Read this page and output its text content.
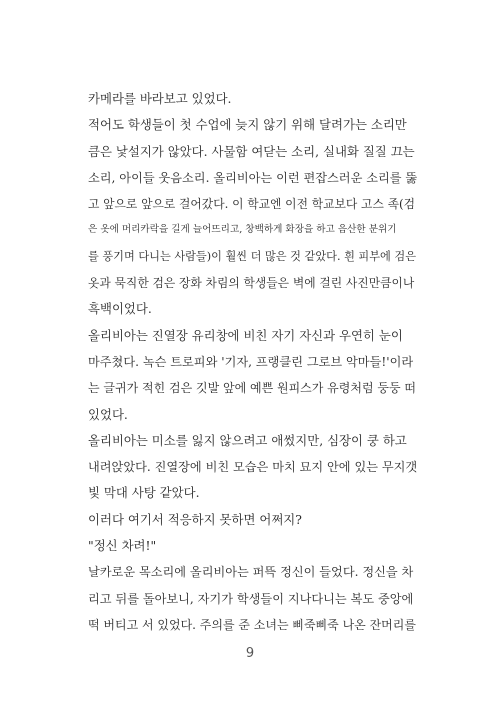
카메라를 바라보고 있었다.
적어도 학생들이 첫 수업에 늦지 않기 위해 달려가는 소리만
큼은 낯설지가 않았다. 사물함 여닫는 소리, 실내화 질질 끄는
소리, 아이들 웃음소리. 올리비아는 이런 편잡스러운 소리를 뚫
고 앞으로 앞으로 걸어갔다. 이 학교엔 이전 학교보다 고스 족(검
은 옷에 머리카락을 길게 늘어뜨리고, 창백하게 화장을 하고 음산한 분위기
를 풍기며 다니는 사람들)이 훨씬 더 많은 것 같았다. 흰 피부에 검은
옷과 묵직한 검은 장화 차림의 학생들은 벽에 걸린 사진만큼이나
흑백이었다.
올리비아는 진열장 유리창에 비친 자기 자신과 우연히 눈이
마주쳤다. 녹슨 트로피와 '기자, 프랭클린 그로브 악마들!'이라
는 글귀가 적힌 검은 깃발 앞에 예쁜 원피스가 유령처럼 둥둥 떠
있었다.
올리비아는 미소를 잃지 않으려고 애썼지만, 심장이 쿵 하고
내려앉았다. 진열장에 비친 모습은 마치 묘지 안에 있는 무지갯
빛 막대 사탕 같았다.
이러다 여기서 적응하지 못하면 어쩌지?
"정신 차려!"
날카로운 목소리에 올리비아는 퍼뜩 정신이 들었다. 정신을 차
리고 뒤를 돌아보니, 자기가 학생들이 지나다니는 복도 중앙에
떡 버티고 서 있었다. 주의를 준 소녀는 삐죽삐죽 나온 잔머리를
9
